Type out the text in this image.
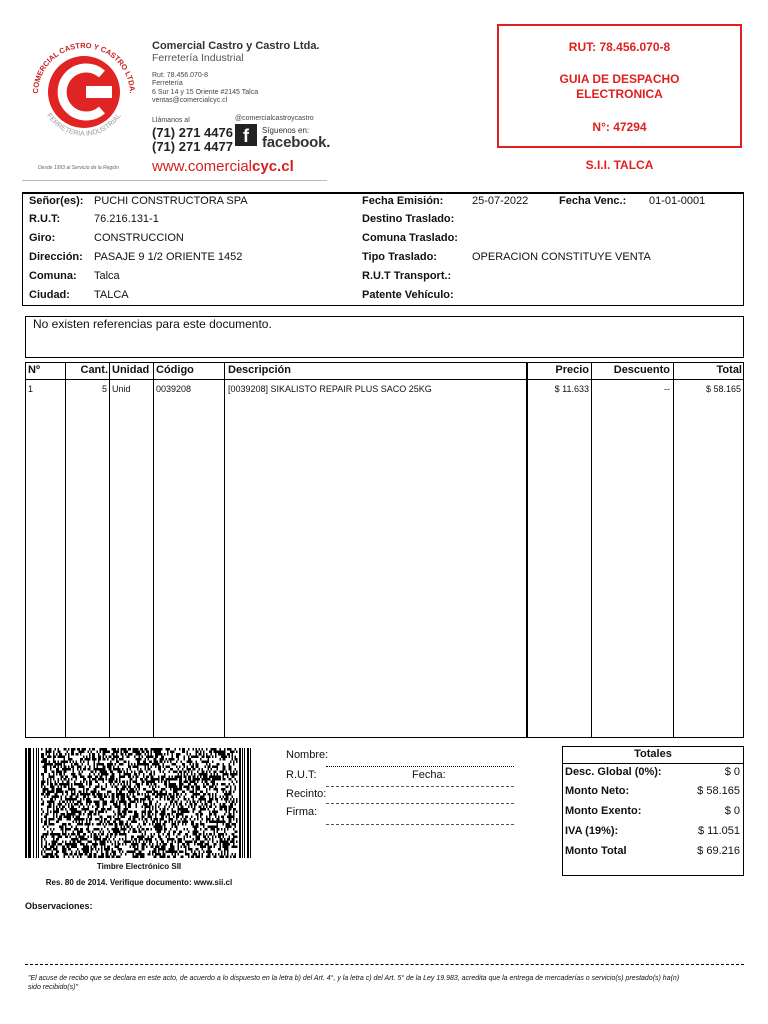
COMERCIAL CASTRO Y CASTRO LTDA.
FERRETERIA INDUSTRIAL
Comercial Castro y Castro Ltda.
Ferretería Industrial
Rut: 78.456.070-8
Ferretería
6 Sur 14 y 15 Oriente #2145 Talca
ventas@comercialcyc.cl
Llámanos al
(71) 271 4476
(71) 271 4477
@comercialcastroycastro
f	Síguenos en:
facebook.
www.comercialcyc.cl
Desde 1993 al Servicio de la Región
RUT: 78.456.070-8
GUIA DE DESPACHO
ELECTRONICA
N°: 47294
S.I.I. TALCA
Señor(es): PUCHI CONSTRUCTORA SPA
R.U.T:	76.216.131-1
Giro:	CONSTRUCCION
Dirección: PASAJE 9 1/2 ORIENTE 1452
Comuna: Talca
Ciudad: TALCA
Fecha Emisión:	25-07-2022	Fecha Venc.: 01-01-0001
Destino Traslado:
Comuna Traslado:
Tipo Traslado:	OPERACION CONSTITUYE VENTA
R.U.T Transport.:
Patente Vehículo:
No existen referencias para este documento.
Nº	Cant. Unidad Código	Descripción	Precio	Descuento	Total
1	5 Unid	0039208	[0039208] SIKALISTO REPAIR PLUS SACO 25KG	$ 11.633	--	$ 58.165
Timbre Electrónico SII
Res. 80 de 2014. Verifique documento: www.sii.cl
Observaciones:
Nombre:
R.U.T:	Fecha:
Recinto:
Firma:
Totales
Desc. Global (0%):	$ 0
Monto Neto:	$ 58.165
Monto Exento:	$ 0
IVA (19%):	$ 11.051
Monto Total	$ 69.216
"El acuse de recibo que se declara en este acto, de acuerdo a lo dispuesto en la letra b) del Art. 4°, y la letra c) del Art. 5° de la Ley 19.983, acredita que la entrega de mercaderías o servicio(s) prestado(s) ha(n) sido recibido(s)"
